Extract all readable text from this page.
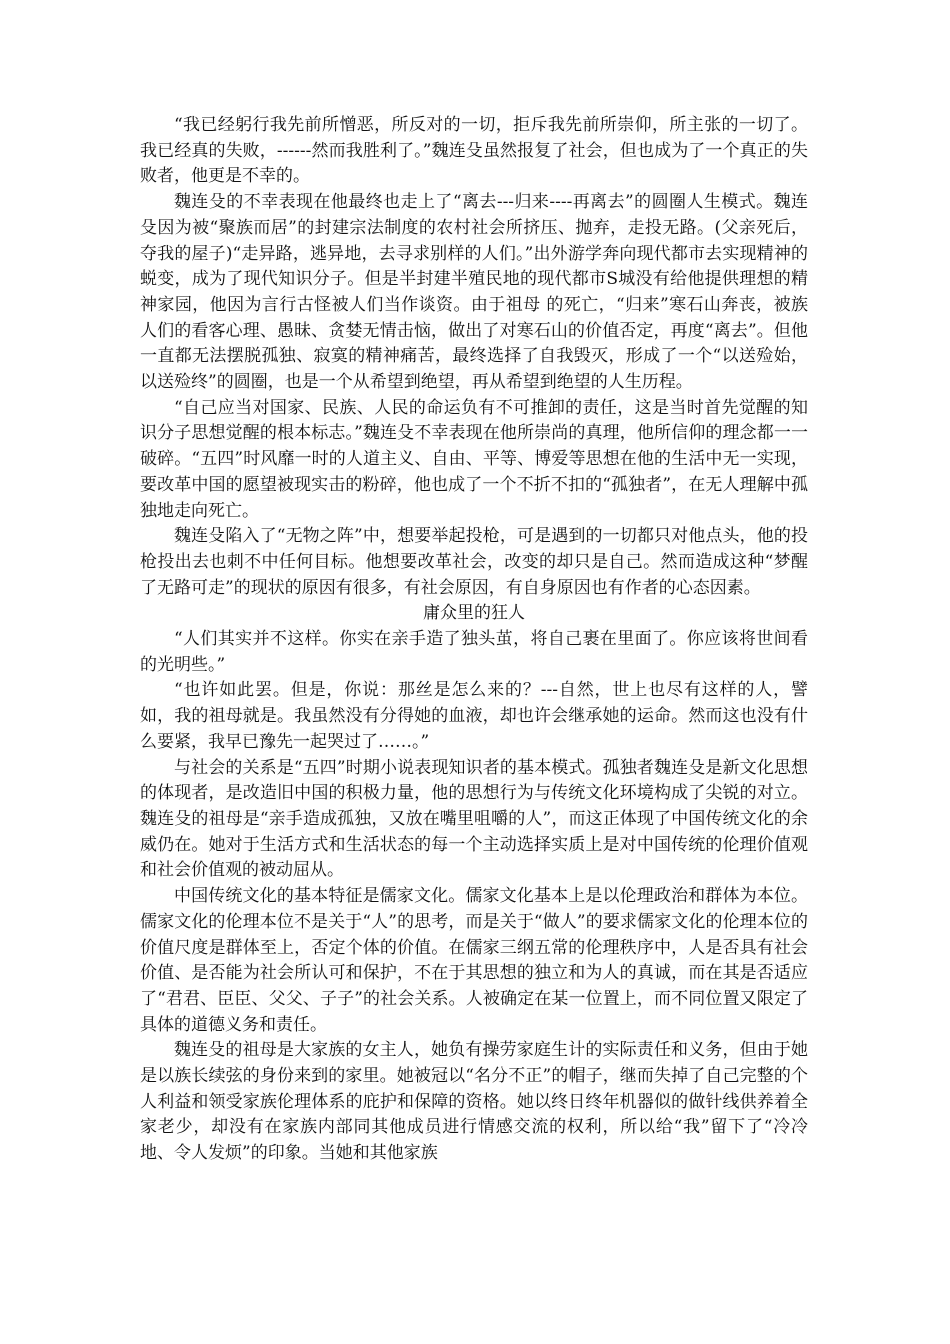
“我已经躬行我先前所憎恶，所反对的一切，拒斥我先前所崇仰，所主张的一切了。我已经真的失败，------然而我胜利了。”魏连殳虽然报复了社会，但也成为了一个真正的失败者，他更是不幸的。

魏连殳的不幸表现在他最终也走上了“离去---归来----再离去”的圆圈人生模式。魏连殳因为被“聚族而居”的封建宗法制度的农村社会所挤压、抛弃，走投无路。(父亲死后，夺我的屋子)“走异路，逃异地，去寻求别样的人们。”出外游学奔向现代都市去实现精神的蜕变，成为了现代知识分子。但是半封建半殖民地的现代都市S城没有给他提供理想的精神家园，他因为言行古怪被人们当作谈资。由于祖母 的死亡，“归来”寒石山奔丧，被族人们的看客心理、愚昧、贪婪无情击恼，做出了对寒石山的价值否定，再度“离去”。但他一直都无法摆脱孤独、寂寞的精神痛苦，最终选择了自我毁灭，形成了一个“以送殓始，以送殓终”的圆圈，也是一个从希望到绝望，再从希望到绝望的人生历程。

“自己应当对国家、民族、人民的命运负有不可推卸的责任，这是当时首先觉醒的知识分子思想觉醒的根本标志。”魏连殳不幸表现在他所崇尚的真理，他所信仰的理念都一一破碎。“五四”时风靡一时的人道主义、自由、平等、博爱等思想在他的生活中无一实现，要改革中国的愿望被现实击的粉碎，他也成了一个不折不扣的“孤独者”，在无人理解中孤独地走向死亡。

魏连殳陷入了“无物之阵”中，想要举起投枪，可是遇到的一切都只对他点头，他的投枪投出去也刺不中任何目标。他想要改革社会，改变的却只是自己。然而造成这种“梦醒了无路可走”的现状的原因有很多，有社会原因，有自身原因也有作者的心态因素。

庸众里的狂人

“人们其实并不这样。你实在亲手造了独头茧，将自己裹在里面了。你应该将世间看的光明些。”

“也许如此罢。但是，你说：那丝是怎么来的？---自然，世上也尽有这样的人，譬如，我的祖母就是。我虽然没有分得她的血液，却也许会继承她的运命。然而这也没有什么要紧，我早已豫先一起哭过了……。”

与社会的关系是“五四”时期小说表现知识者的基本模式。孤独者魏连殳是新文化思想的体现者，是改造旧中国的积极力量，他的思想行为与传统文化环境构成了尖锐的对立。魏连殳的祖母是“亲手造成孤独，又放在嘴里咀嚼的人”，而这正体现了中国传统文化的余威仍在。她对于生活方式和生活状态的每一个主动选择实质上是对中国传统的伦理价值观和社会价值观的被动屈从。

中国传统文化的基本特征是儒家文化。儒家文化基本上是以伦理政治和群体为本位。儒家文化的伦理本位不是关于“人”的思考，而是关于“做人”的要求儒家文化的伦理本位的价值尺度是群体至上，否定个体的价值。在儒家三纲五常的伦理秩序中，人是否具有社会价值、是否能为社会所认可和保护，不在于其思想的独立和为人的真诚，而在其是否适应了“君君、臣臣、父父、子子”的社会关系。人被确定在某一位置上，而不同位置又限定了具体的道德义务和责任。

魏连殳的祖母是大家族的女主人，她负有操劳家庭生计的实际责任和义务，但由于她是以族长续弦的身份来到的家里。她被冠以“名分不正”的帽子，继而失掉了自己完整的个人利益和领受家族伦理体系的庇护和保障的资格。她以终日终年机器似的做针线供养着全家老少，却没有在家族内部同其他成员进行情感交流的权利，所以给“我”留下了“冷冷地、令人发烦”的印象。当她和其他家族
